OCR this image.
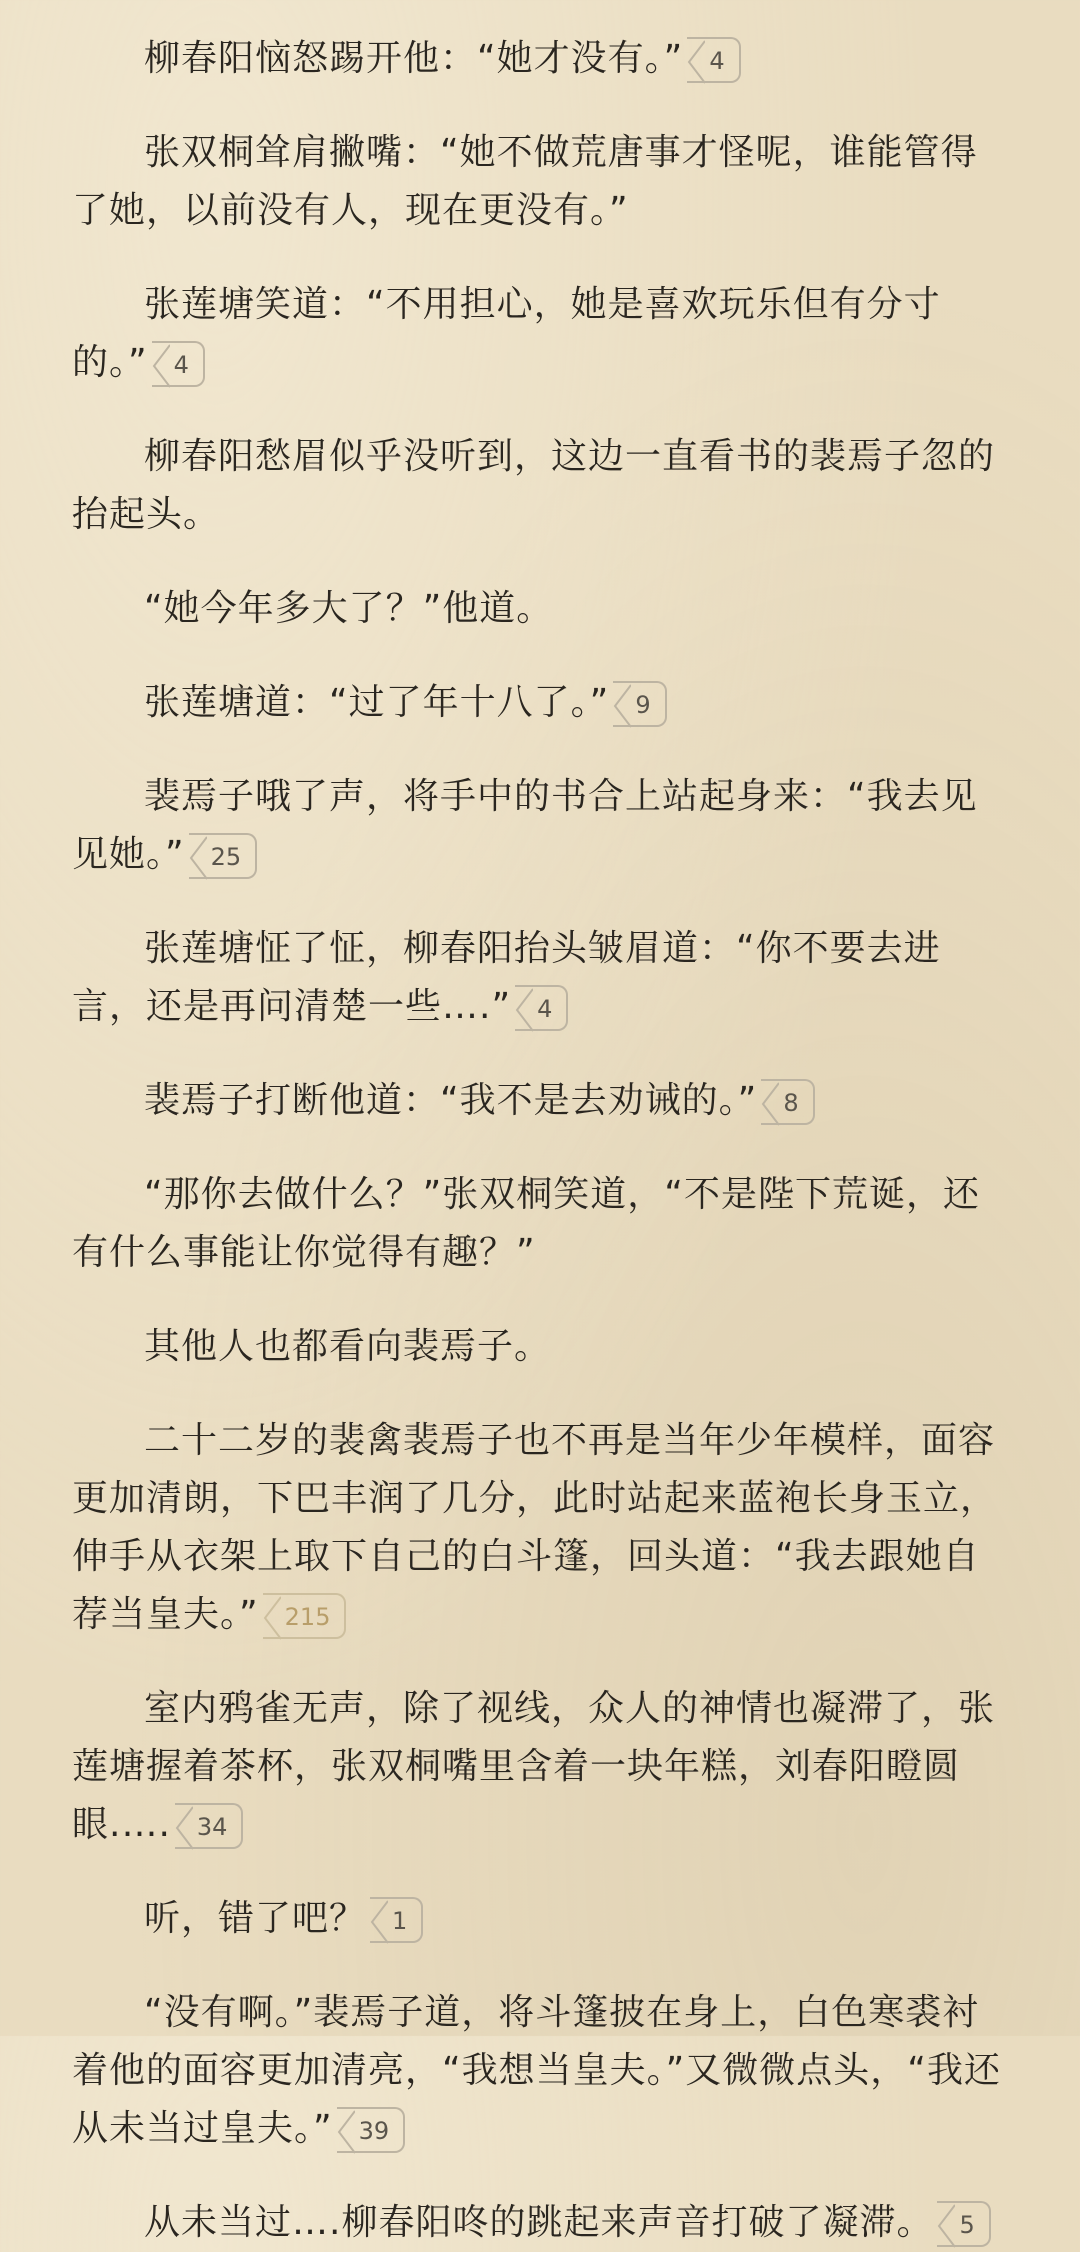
柳春阳恼怒踢开他：“她才没有。” 4

张双桐耸肩撇嘴：“她不做荒唐事才怪呢，谁能管得了她，以前没有人，现在更没有。”

张莲塘笑道：“不用担心，她是喜欢玩乐但有分寸的。” 4

柳春阳愁眉似乎没听到，这边一直看书的裴焉子忽的抬起头。

“她今年多大了？”他道。

张莲塘道：“过了年十八了。” 9

裴焉子哦了声，将手中的书合上站起身来：“我去见见她。” 25

张莲塘怔了怔，柳春阳抬头皱眉道：“你不要去进言，还是再问清楚一些….” 4

裴焉子打断他道：“我不是去劝诫的。” 8

“那你去做什么？”张双桐笑道，“不是陛下荒诞，还有什么事能让你觉得有趣？”

其他人也都看向裴焉子。

二十二岁的裴禽裴焉子也不再是当年少年模样，面容更加清朗，下巴丰润了几分，此时站起来蓝袍长身玉立，伸手从衣架上取下自己的白斗篷，回头道：“我去跟她自荐当皇夫。” 215

室内鸦雀无声，除了视线，众人的神情也凝滞了，张莲塘握着茶杯，张双桐嘴里含着一块年糕，刘春阳瞪圆眼.…. 34

听，错了吧？ 1

“没有啊。”裴焉子道，将斗篷披在身上，白色寒裘衬着他的面容更加清亮，“我想当皇夫。”又微微点头，“我还从未当过皇夫。” 39

从未当过….柳春阳咚的跳起来声音打破了凝滞。 5
